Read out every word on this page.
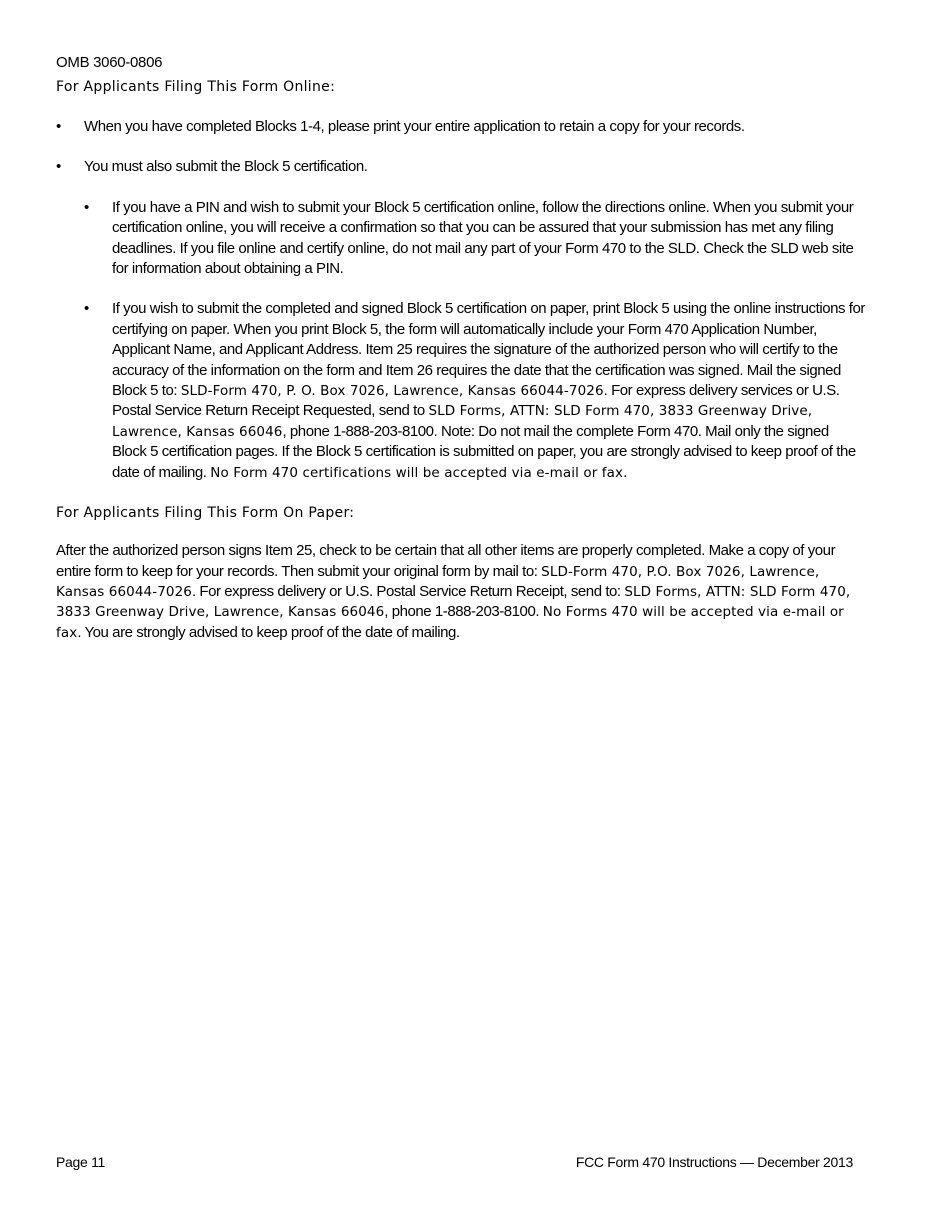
OMB 3060-0806
For Applicants Filing This Form Online:
• When you have completed Blocks 1-4, please print your entire application to retain a copy for your records.
• You must also submit the Block 5 certification.
• If you have a PIN and wish to submit your Block 5 certification online, follow the directions online. When you submit your certification online, you will receive a confirmation so that you can be assured that your submission has met any filing deadlines. If you file online and certify online, do not mail any part of your Form 470 to the SLD. Check the SLD web site for information about obtaining a PIN.
• If you wish to submit the completed and signed Block 5 certification on paper, print Block 5 using the online instructions for certifying on paper. When you print Block 5, the form will automatically include your Form 470 Application Number, Applicant Name, and Applicant Address. Item 25 requires the signature of the authorized person who will certify to the accuracy of the information on the form and Item 26 requires the date that the certification was signed. Mail the signed Block 5 to: SLD-Form 470, P. O. Box 7026, Lawrence, Kansas 66044-7026. For express delivery services or U.S. Postal Service Return Receipt Requested, send to SLD Forms, ATTN: SLD Form 470, 3833 Greenway Drive, Lawrence, Kansas 66046, phone 1-888-203-8100. Note: Do not mail the complete Form 470. Mail only the signed Block 5 certification pages. If the Block 5 certification is submitted on paper, you are strongly advised to keep proof of the date of mailing. No Form 470 certifications will be accepted via e-mail or fax.
For Applicants Filing This Form On Paper:

After the authorized person signs Item 25, check to be certain that all other items are properly completed. Make a copy of your entire form to keep for your records. Then submit your original form by mail to: SLD-Form 470, P.O. Box 7026, Lawrence, Kansas 66044-7026. For express delivery or U.S. Postal Service Return Receipt, send to: SLD Forms, ATTN: SLD Form 470, 3833 Greenway Drive, Lawrence, Kansas 66046, phone 1-888-203-8100. No Forms 470 will be accepted via e-mail or fax. You are strongly advised to keep proof of the date of mailing.

Page 11	FCC Form 470 Instructions — December 2013
